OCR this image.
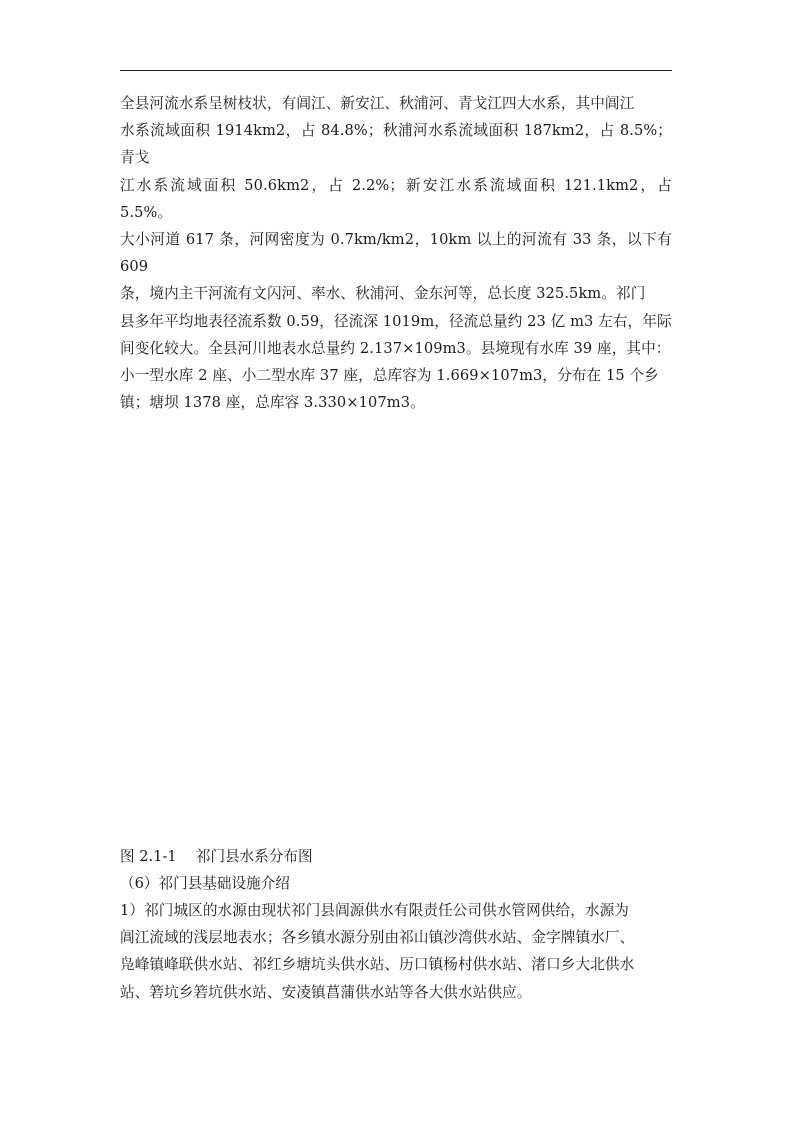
全县河流水系呈树枝状，有阊江、新安江、秋浦河、青戈江四大水系，其中阊江
水系流域面积 1914km2，占 84.8%；秋浦河水系流域面积 187km2，占 8.5%；青戈
江水系流域面积 50.6km2，占 2.2%；新安江水系流域面积 121.1km2，占 5.5%。
大小河道 617 条，河网密度为 0.7km/km2，10km 以上的河流有 33 条，以下有 609
条，境内主干河流有文闪河、率水、秋浦河、金东河等，总长度 325.5km。祁门
县多年平均地表径流系数 0.59，径流深 1019m，径流总量约 23 亿 m3 左右，年际
间变化较大。全县河川地表水总量约 2.137×109m3。县境现有水库 39 座，其中：
小一型水库 2 座、小二型水库 37 座，总库容为 1.669×107m3，分布在 15 个乡
镇；塘坝 1378 座，总库容 3.330×107m3。

图 2.1-1　 祁门县水系分布图

（6）祁门县基础设施介绍

1）祁门城区的水源由现状祁门县阊源供水有限责任公司供水管网供给，水源为
阊江流域的浅层地表水；各乡镇水源分别由祁山镇沙湾供水站、金字牌镇水厂、
凫峰镇峰联供水站、祁红乡塘坑头供水站、历口镇杨村供水站、渚口乡大北供水
站、箬坑乡箬坑供水站、安凌镇菖蒲供水站等各大供水站供应。
